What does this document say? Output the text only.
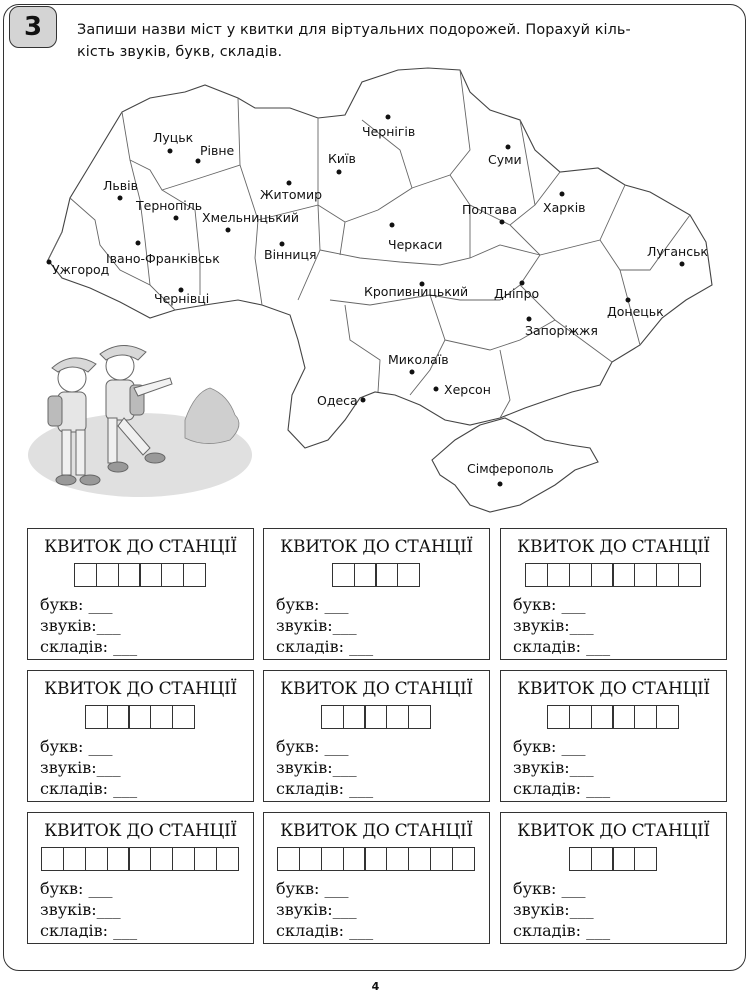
3 Запиши назви міст у квитки для віртуальних подорожей. Порахуй кіль-
кість звуків, букв, складів.
Луцьк
Рівне
Львів
Тернопіль
Хмельницький
Житомир
Київ
Чернігів
Суми
Полтава Харків
Луганськ
Ужгород
Івано-Франківськ	Вінниця
Черкаси
Кропивницький Дніпро
Донецьк
Запоріжжя
Чернівці
Миколаїв
Одеса
Херсон
Сімферополь
КВИТОК ДО СТАНЦІЇ
букв: ___
звуків:___
складів: ___
КВИТОК ДО СТАНЦІЇ
букв: ___
звуків:___
складів: ___
КВИТОК ДО СТАНЦІЇ
букв: ___
звуків:___
складів: ___
КВИТОК ДО СТАНЦІЇ
букв: ___
звуків:___
складів: ___
КВИТОК ДО СТАНЦІЇ
букв: ___
звуків:___
складів: ___
КВИТОК ДО СТАНЦІЇ
букв: ___
звуків:___
складів: ___
КВИТОК ДО СТАНЦІЇ
букв: ___
звуків:___
складів: ___
КВИТОК ДО СТАНЦІЇ
букв: ___
звуків:___
складів: ___
КВИТОК ДО СТАНЦІЇ
букв: ___
звуків:___
складів: ___
4
